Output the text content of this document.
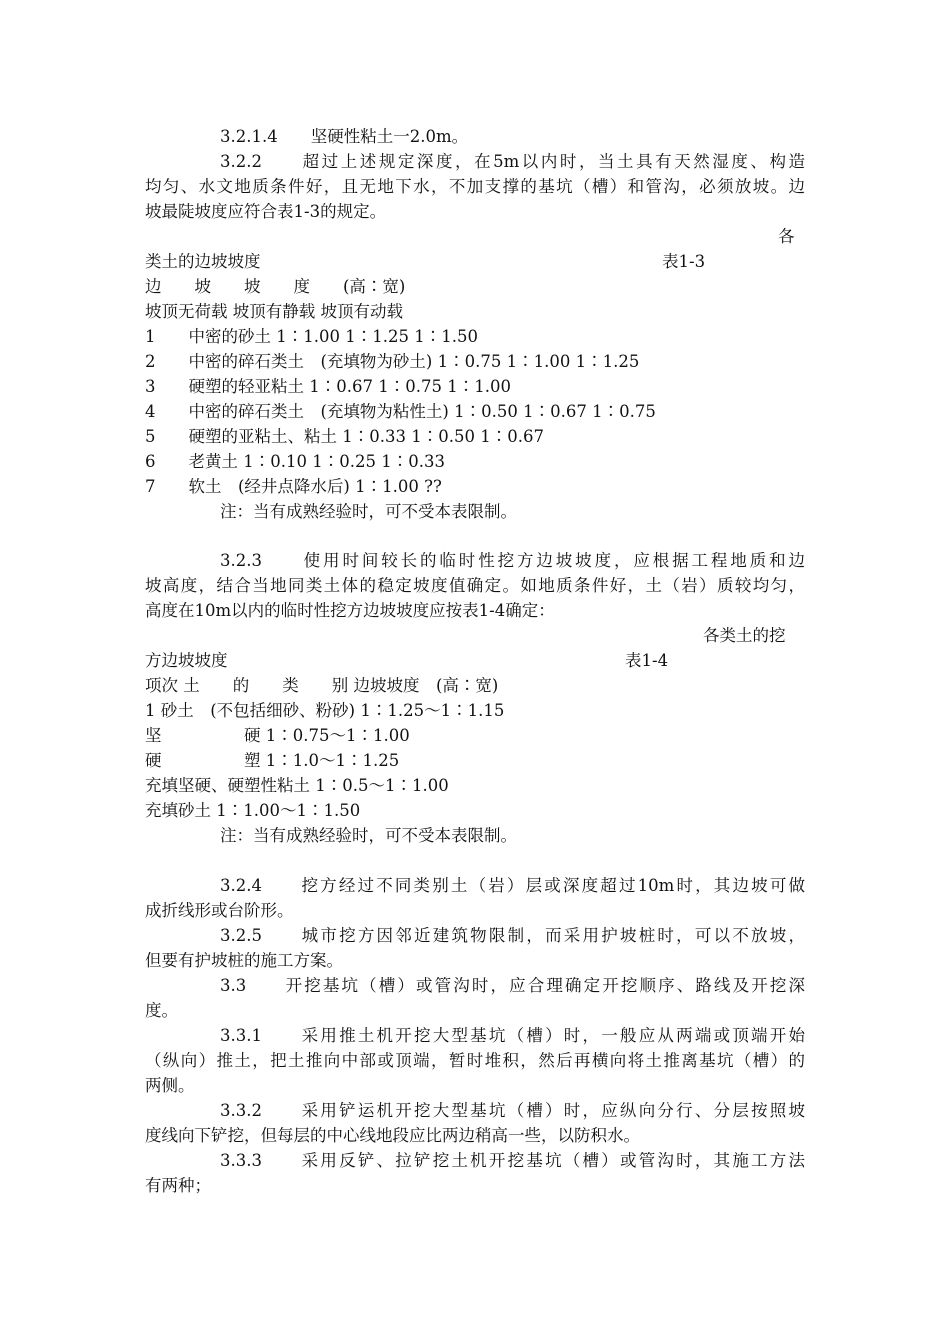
3.2.1.4　　坚硬性粘土一2.0m。

3.2.2　　超过上述规定深度，在5m以内时，当土具有天然湿度、构造

均匀、水文地质条件好，且无地下水，不加支撑的基坑（槽）和管沟，必须放坡。边

坡最陡坡度应符合表1-3的规定。

各

类土的边坡坡度	表1-3

边　　坡　　坡　　度　　(高∶宽)

坡顶无荷载 坡顶有静载 坡顶有动载

1　　中密的砂土 1∶1.00 1∶1.25 1∶1.50

2　　中密的碎石类土　(充填物为砂土) 1∶0.75 1∶1.00 1∶1.25

3　　硬塑的轻亚粘土 1∶0.67 1∶0.75 1∶1.00

4　　中密的碎石类土　(充填物为粘性土) 1∶0.50 1∶0.67 1∶0.75

5　　硬塑的亚粘土、粘土 1∶0.33 1∶0.50 1∶0.67

6　　老黄土 1∶0.10 1∶0.25 1∶0.33

7　　软土　(经井点降水后) 1∶1.00 ??

注：当有成熟经验时，可不受本表限制。

3.2.3　　使用时间较长的临时性挖方边坡坡度，应根据工程地质和边

坡高度，结合当地同类土体的稳定坡度值确定。如地质条件好，土（岩）质较均匀，

高度在10m以内的临时性挖方边坡坡度应按表1-4确定：

各类土的挖

方边坡坡度	表1-4

项次 土　　的　　类　　别 边坡坡度　(高∶宽)

1 砂土　(不包括细砂、粉砂) 1∶1.25～1∶1.15

坚　　　　　硬 1∶0.75～1∶1.00

硬　　　　　塑 1∶1.0～1∶1.25

充填坚硬、硬塑性粘土 1∶0.5～1∶1.00

充填砂土 1∶1.00～1∶1.50

注：当有成熟经验时，可不受本表限制。

3.2.4　　挖方经过不同类别土（岩）层或深度超过10m时，其边坡可做

成折线形或台阶形。

3.2.5　　城市挖方因邻近建筑物限制，而采用护坡桩时，可以不放坡，

但要有护坡桩的施工方案。

3.3　　开挖基坑（槽）或管沟时，应合理确定开挖顺序、路线及开挖深

度。

3.3.1　　采用推土机开挖大型基坑（槽）时，一般应从两端或顶端开始

（纵向）推土，把土推向中部或顶端，暂时堆积，然后再横向将土推离基坑（槽）的

两侧。

3.3.2　　采用铲运机开挖大型基坑（槽）时，应纵向分行、分层按照坡

度线向下铲挖，但每层的中心线地段应比两边稍高一些，以防积水。

3.3.3　　采用反铲、拉铲挖土机开挖基坑（槽）或管沟时，其施工方法

有两种；
